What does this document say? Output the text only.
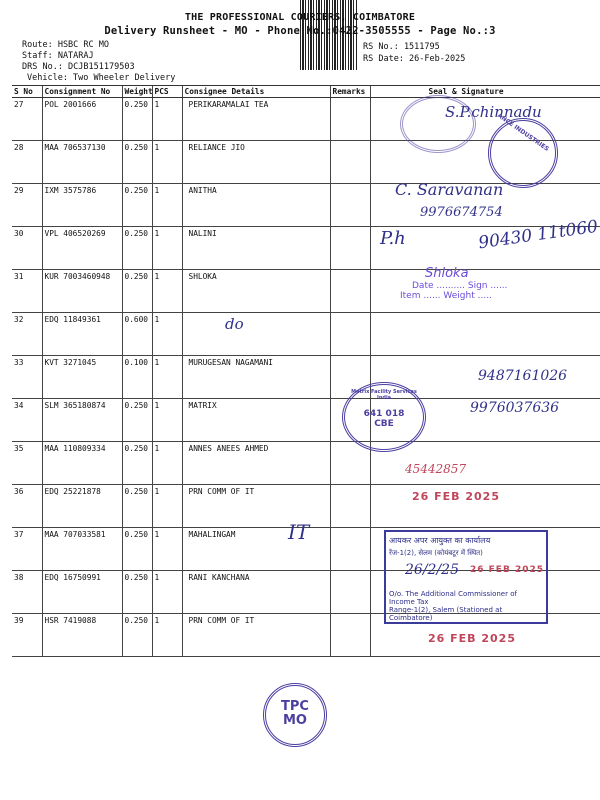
THE PROFESSIONAL COURIERS, COIMBATORE
Delivery Runsheet - MO - Phone No.:0422-3505555 - Page No.:3
Route: HSBC RC MO
Staff: NATARAJ
DRS No.: DCJB151179503
Vehicle: Two Wheeler Delivery
RS No.: 1511795
RS Date: 26-Feb-2025
S No	Consignment No	Weight	PCS	Consignee Details	Remarks	Seal & Signature
27	POL 2001666	0.250	1	PERIKARAMALAI TEA		
28	MAA 706537130	0.250	1	RELIANCE JIO		
29	IXM 3575786	0.250	1	ANITHA		
30	VPL 406520269	0.250	1	NALINI		
31	KUR 7003460948	0.250	1	SHLOKA		
32	EDQ 11849361	0.600	1			
33	KVT 3271045	0.100	1	MURUGESAN NAGAMANI		
34	SLM 365180874	0.250	1	MATRIX		
35	MAA 110809334	0.250	1	ANNES ANEES AHMED		
36	EDQ 25221878	0.250	1	PRN COMM OF IT		
37	MAA 707033581	0.250	1	MAHALINGAM		
38	EDQ 16750991	0.250	1	RANI KANCHANA		
39	HSR 7419088	0.250	1	PRN COMM OF IT		
S.P.chinnadu
ANCE INDUSTRIES
C. Saravanan
9976674754
P.h	90430 11t060
Shloka
Date .......... Sign ......
Item ...... Weight .....
do
9487161026
Matrix Facility Services India
641 018
CBE
9976037636
45442857
26 FEB 2025
IT	आयकर अपर आयुक्त का कार्यालय
रेंज-1(2), सेलम (कोयंबटूर में स्थित)
O/o. The Additional Commissioner of Income Tax
Range-1(2), Salem (Stationed at Coimbatore)
26/2/25 26 FEB 2025
26 FEB 2025
TPC
MO
